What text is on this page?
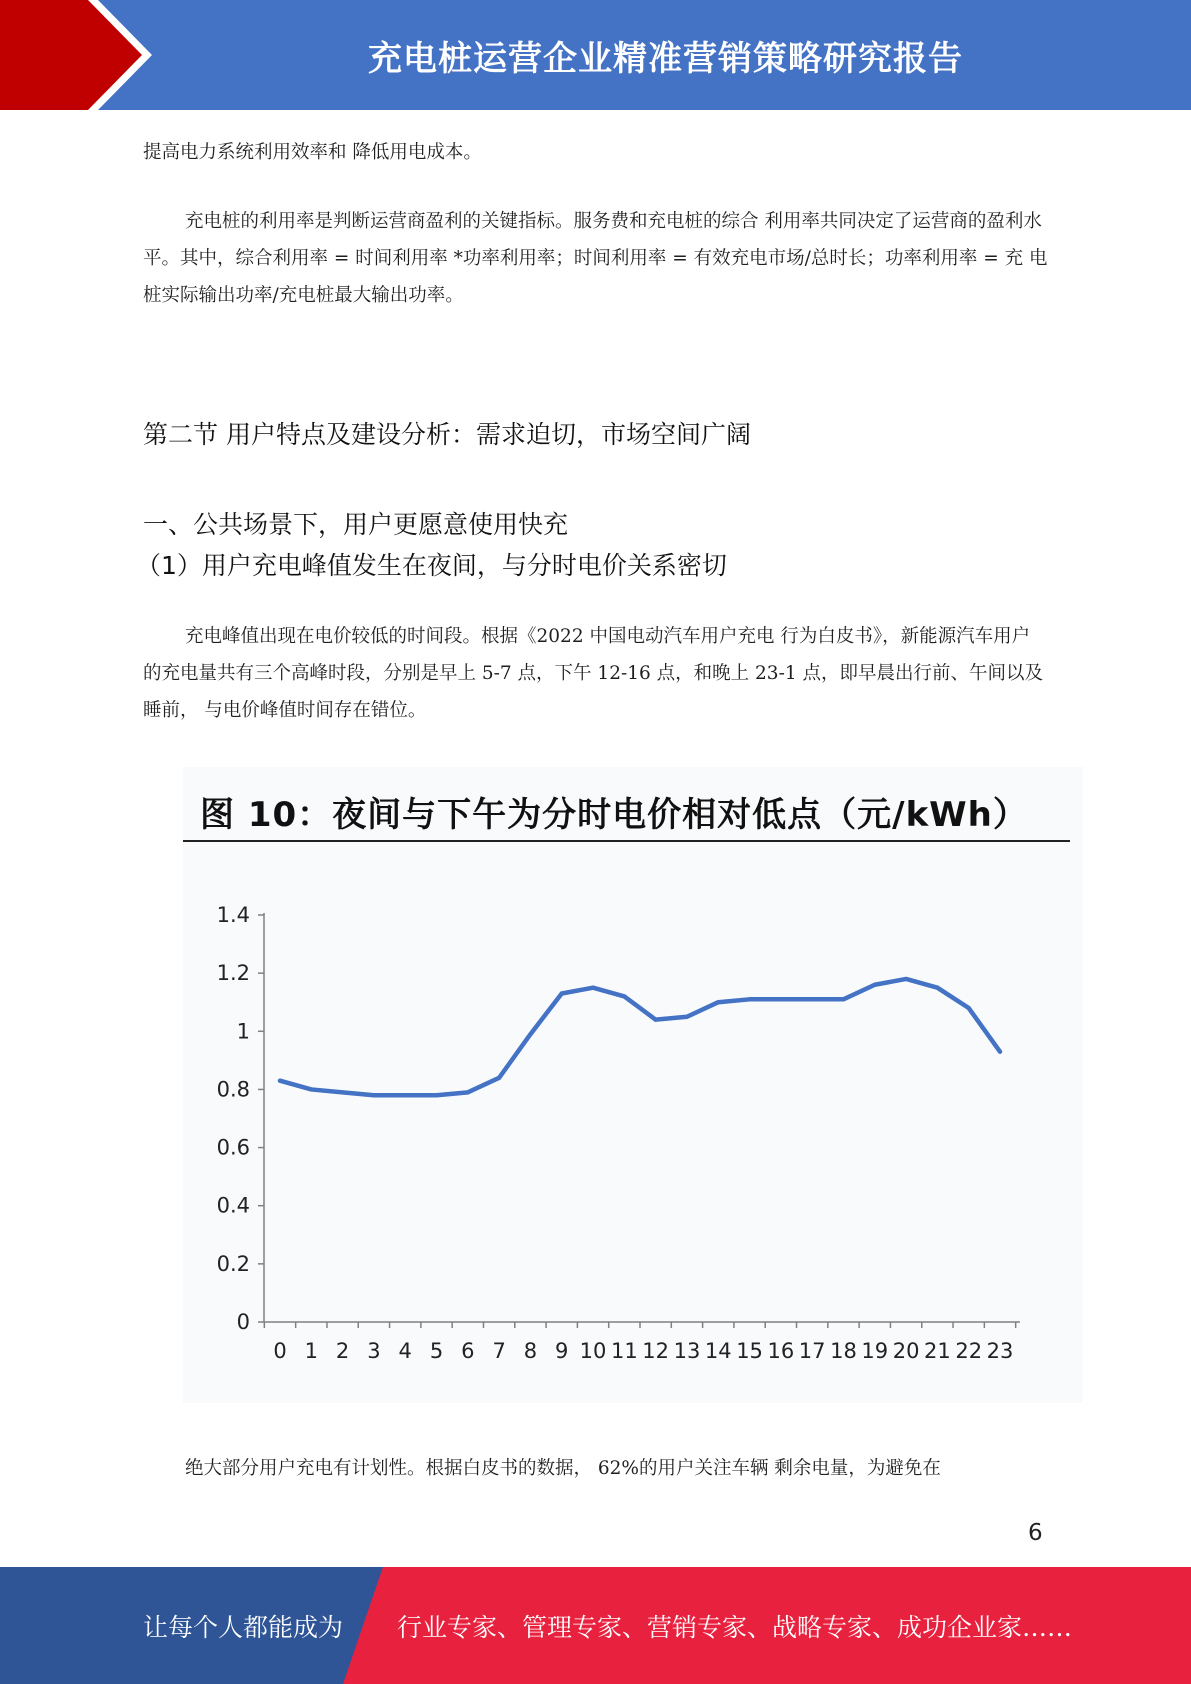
充电桩运营企业精准营销策略研究报告
提高电力系统利用效率和 降低用电成本。
充电桩的利用率是判断运营商盈利的关键指标。服务费和充电桩的综合 利用率共同决定了运营商的盈利水平。其中，综合利用率 = 时间利用率 *功率利用率；时间利用率 = 有效充电市场/总时长；功率利用率 = 充 电桩实际输出功率/充电桩最大输出功率。
第二节 用户特点及建设分析：需求迫切，市场空间广阔
一、公共场景下，用户更愿意使用快充
（1）用户充电峰值发生在夜间，与分时电价关系密切
充电峰值出现在电价较低的时间段。根据《2022 中国电动汽车用户充电 行为白皮书》，新能源汽车用户的充电量共有三个高峰时段，分别是早上 5-7 点，下午 12-16 点，和晚上 23-1 点，即早晨出行前、午间以及睡前， 与电价峰值时间存在错位。
图 10：夜间与下午为分时电价相对低点（元/kWh）
0
0.2
0.4
0.6
0.8
1
1.2
1.4
0 1 2 3 4 5 6 7 8 9 10 11 12 13 14 15 16 17 18 19 20 21 22 23
绝大部分用户充电有计划性。根据白皮书的数据， 62%的用户关注车辆 剩余电量，为避免在
6
让每个人都能成为 行业专家、管理专家、营销专家、战略专家、成功企业家……
